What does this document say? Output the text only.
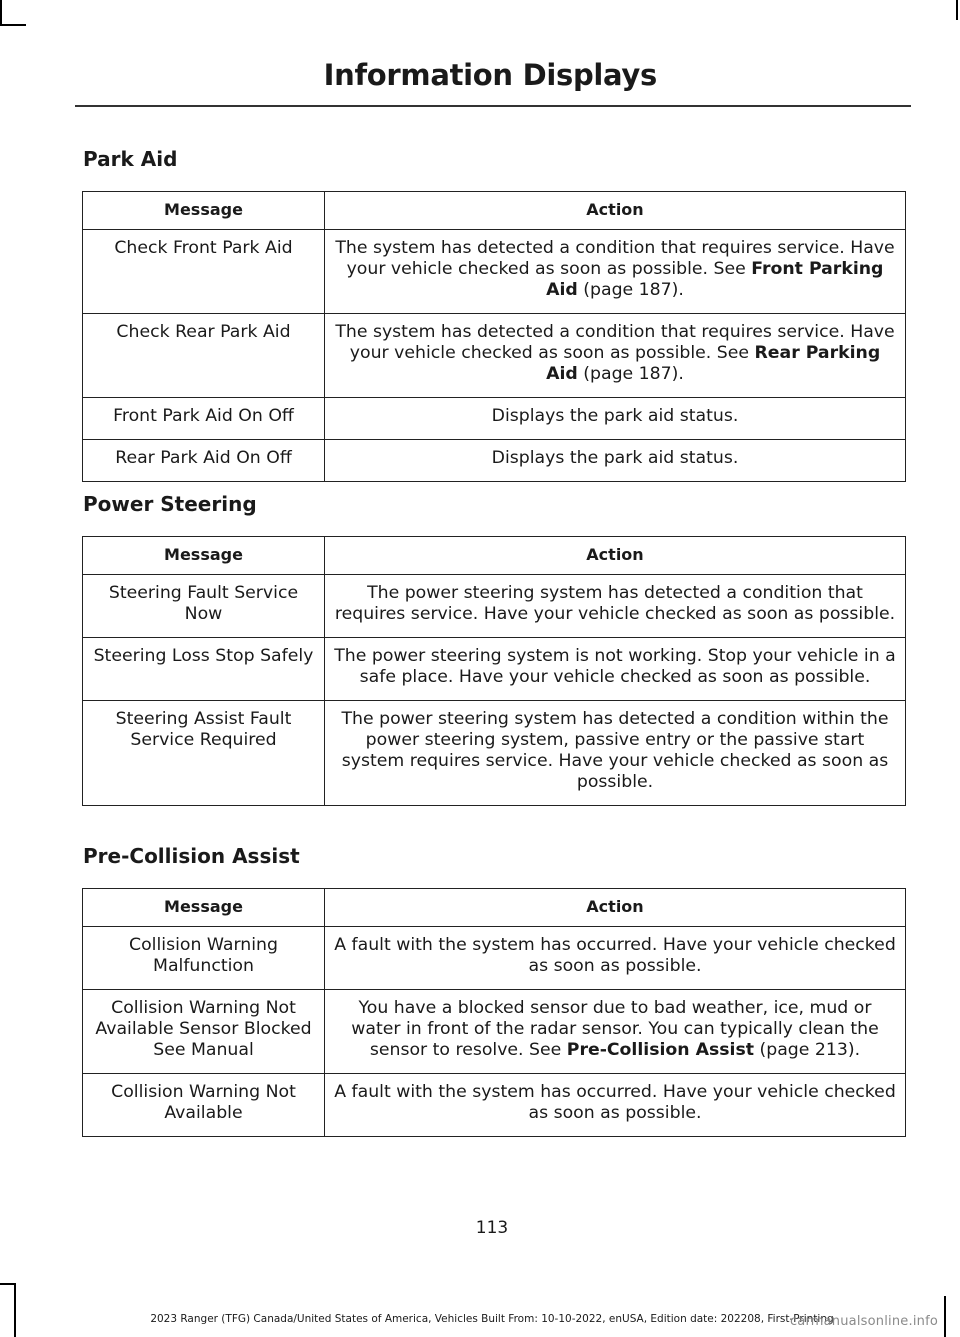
Information Displays
Park Aid
Message	Action
Check Front Park Aid	The system has detected a condition that requires service. Have your vehicle checked as soon as possible. See Front Parking Aid (page 187).
Check Rear Park Aid	The system has detected a condition that requires service. Have your vehicle checked as soon as possible. See Rear Parking Aid (page 187).
Front Park Aid On Off	Displays the park aid status.
Rear Park Aid On Off	Displays the park aid status.
Power Steering
Message	Action
Steering Fault Service Now	The power steering system has detected a condition that requires service. Have your vehicle checked as soon as possible.
Steering Loss Stop Safely	The power steering system is not working. Stop your vehicle in a safe place. Have your vehicle checked as soon as possible.
Steering Assist Fault Service Required	The power steering system has detected a condition within the power steering system, passive entry or the passive start system requires service. Have your vehicle checked as soon as possible.
Pre-Collision Assist
Message	Action
Collision Warning Malfunction	A fault with the system has occurred. Have your vehicle checked as soon as possible.
Collision Warning Not Available Sensor Blocked See Manual	You have a blocked sensor due to bad weather, ice, mud or water in front of the radar sensor. You can typically clean the sensor to resolve. See Pre-Collision Assist (page 213).
Collision Warning Not Available	A fault with the system has occurred. Have your vehicle checked as soon as possible.
113
2023 Ranger (TFG) Canada/United States of America, Vehicles Built From: 10-10-2022, enUSA, Edition date: 202208, First-Printing
carmanualsonline.info
